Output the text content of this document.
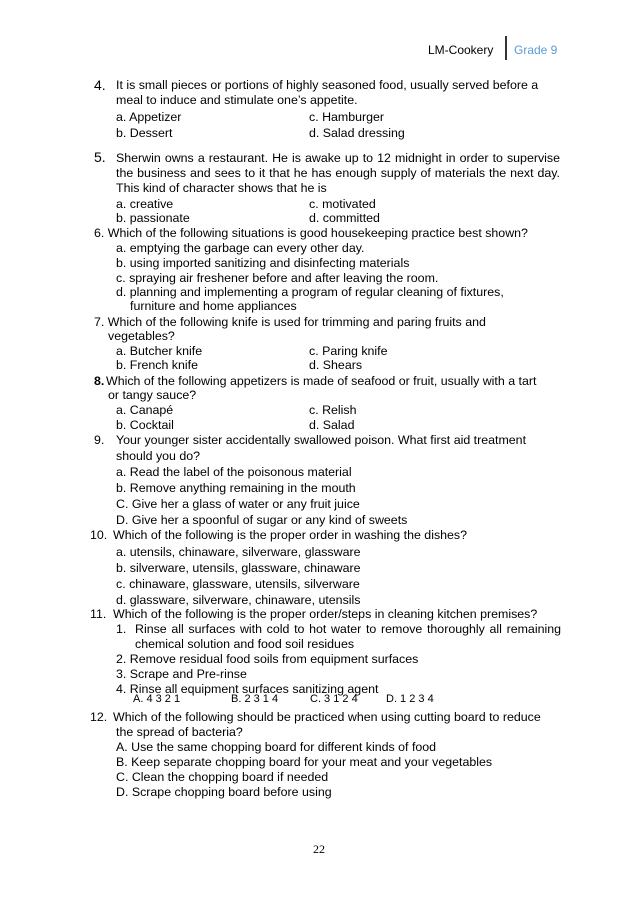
LM-Cookery Grade 9
4. It is small pieces or portions of highly seasoned food, usually served before a meal to induce and stimulate one’s appetite.
a. Appetizer
b. Dessert
c. Hamburger
d. Salad dressing
5. Sherwin owns a restaurant. He is awake up to 12 midnight in order to supervise the business and sees to it that he has enough supply of materials the next day. This kind of character shows that he is
a. creative
b. passionate
c. motivated
d. committed
6. Which of the following situations is good housekeeping practice best shown?
a. emptying the garbage can every other day.
b. using imported sanitizing and disinfecting materials
c. spraying air freshener before and after leaving the room.
d. planning and implementing a program of regular cleaning of fixtures,
furniture and home appliances
7. Which of the following knife is used for trimming and paring fruits and
vegetables?
a. Butcher knife
b. French knife
c. Paring knife
d. Shears
8. Which of the following appetizers is made of seafood or fruit, usually with a tart
or tangy sauce?
a. Canapé
b. Cocktail
c. Relish
d. Salad
9. Your younger sister accidentally swallowed poison. What first aid treatment
should you do?
a. Read the label of the poisonous material
b. Remove anything remaining in the mouth
C. Give her a glass of water or any fruit juice
D. Give her a spoonful of sugar or any kind of sweets
10. Which of the following is the proper order in washing the dishes?
a. utensils, chinaware, silverware, glassware
b. silverware, utensils, glassware, chinaware
c. chinaware, glassware, utensils, silverware
d. glassware, silverware, chinaware, utensils
11. Which of the following is the proper order/steps in cleaning kitchen premises?
1. Rinse all surfaces with cold to hot water to remove thoroughly all remaining chemical solution and food soil residues
2. Remove residual food soils from equipment surfaces
3. Scrape and Pre-rinse
4. Rinse all equipment surfaces sanitizing agent
A. 4 3 2 1	B. 2 3 1 4	C. 3 1 2 4	D. 1 2 3 4
12. Which of the following should be practiced when using cutting board to reduce
the spread of bacteria?
A. Use the same chopping board for different kinds of food
B. Keep separate chopping board for your meat and your vegetables
C. Clean the chopping board if needed
D. Scrape chopping board before using
22
